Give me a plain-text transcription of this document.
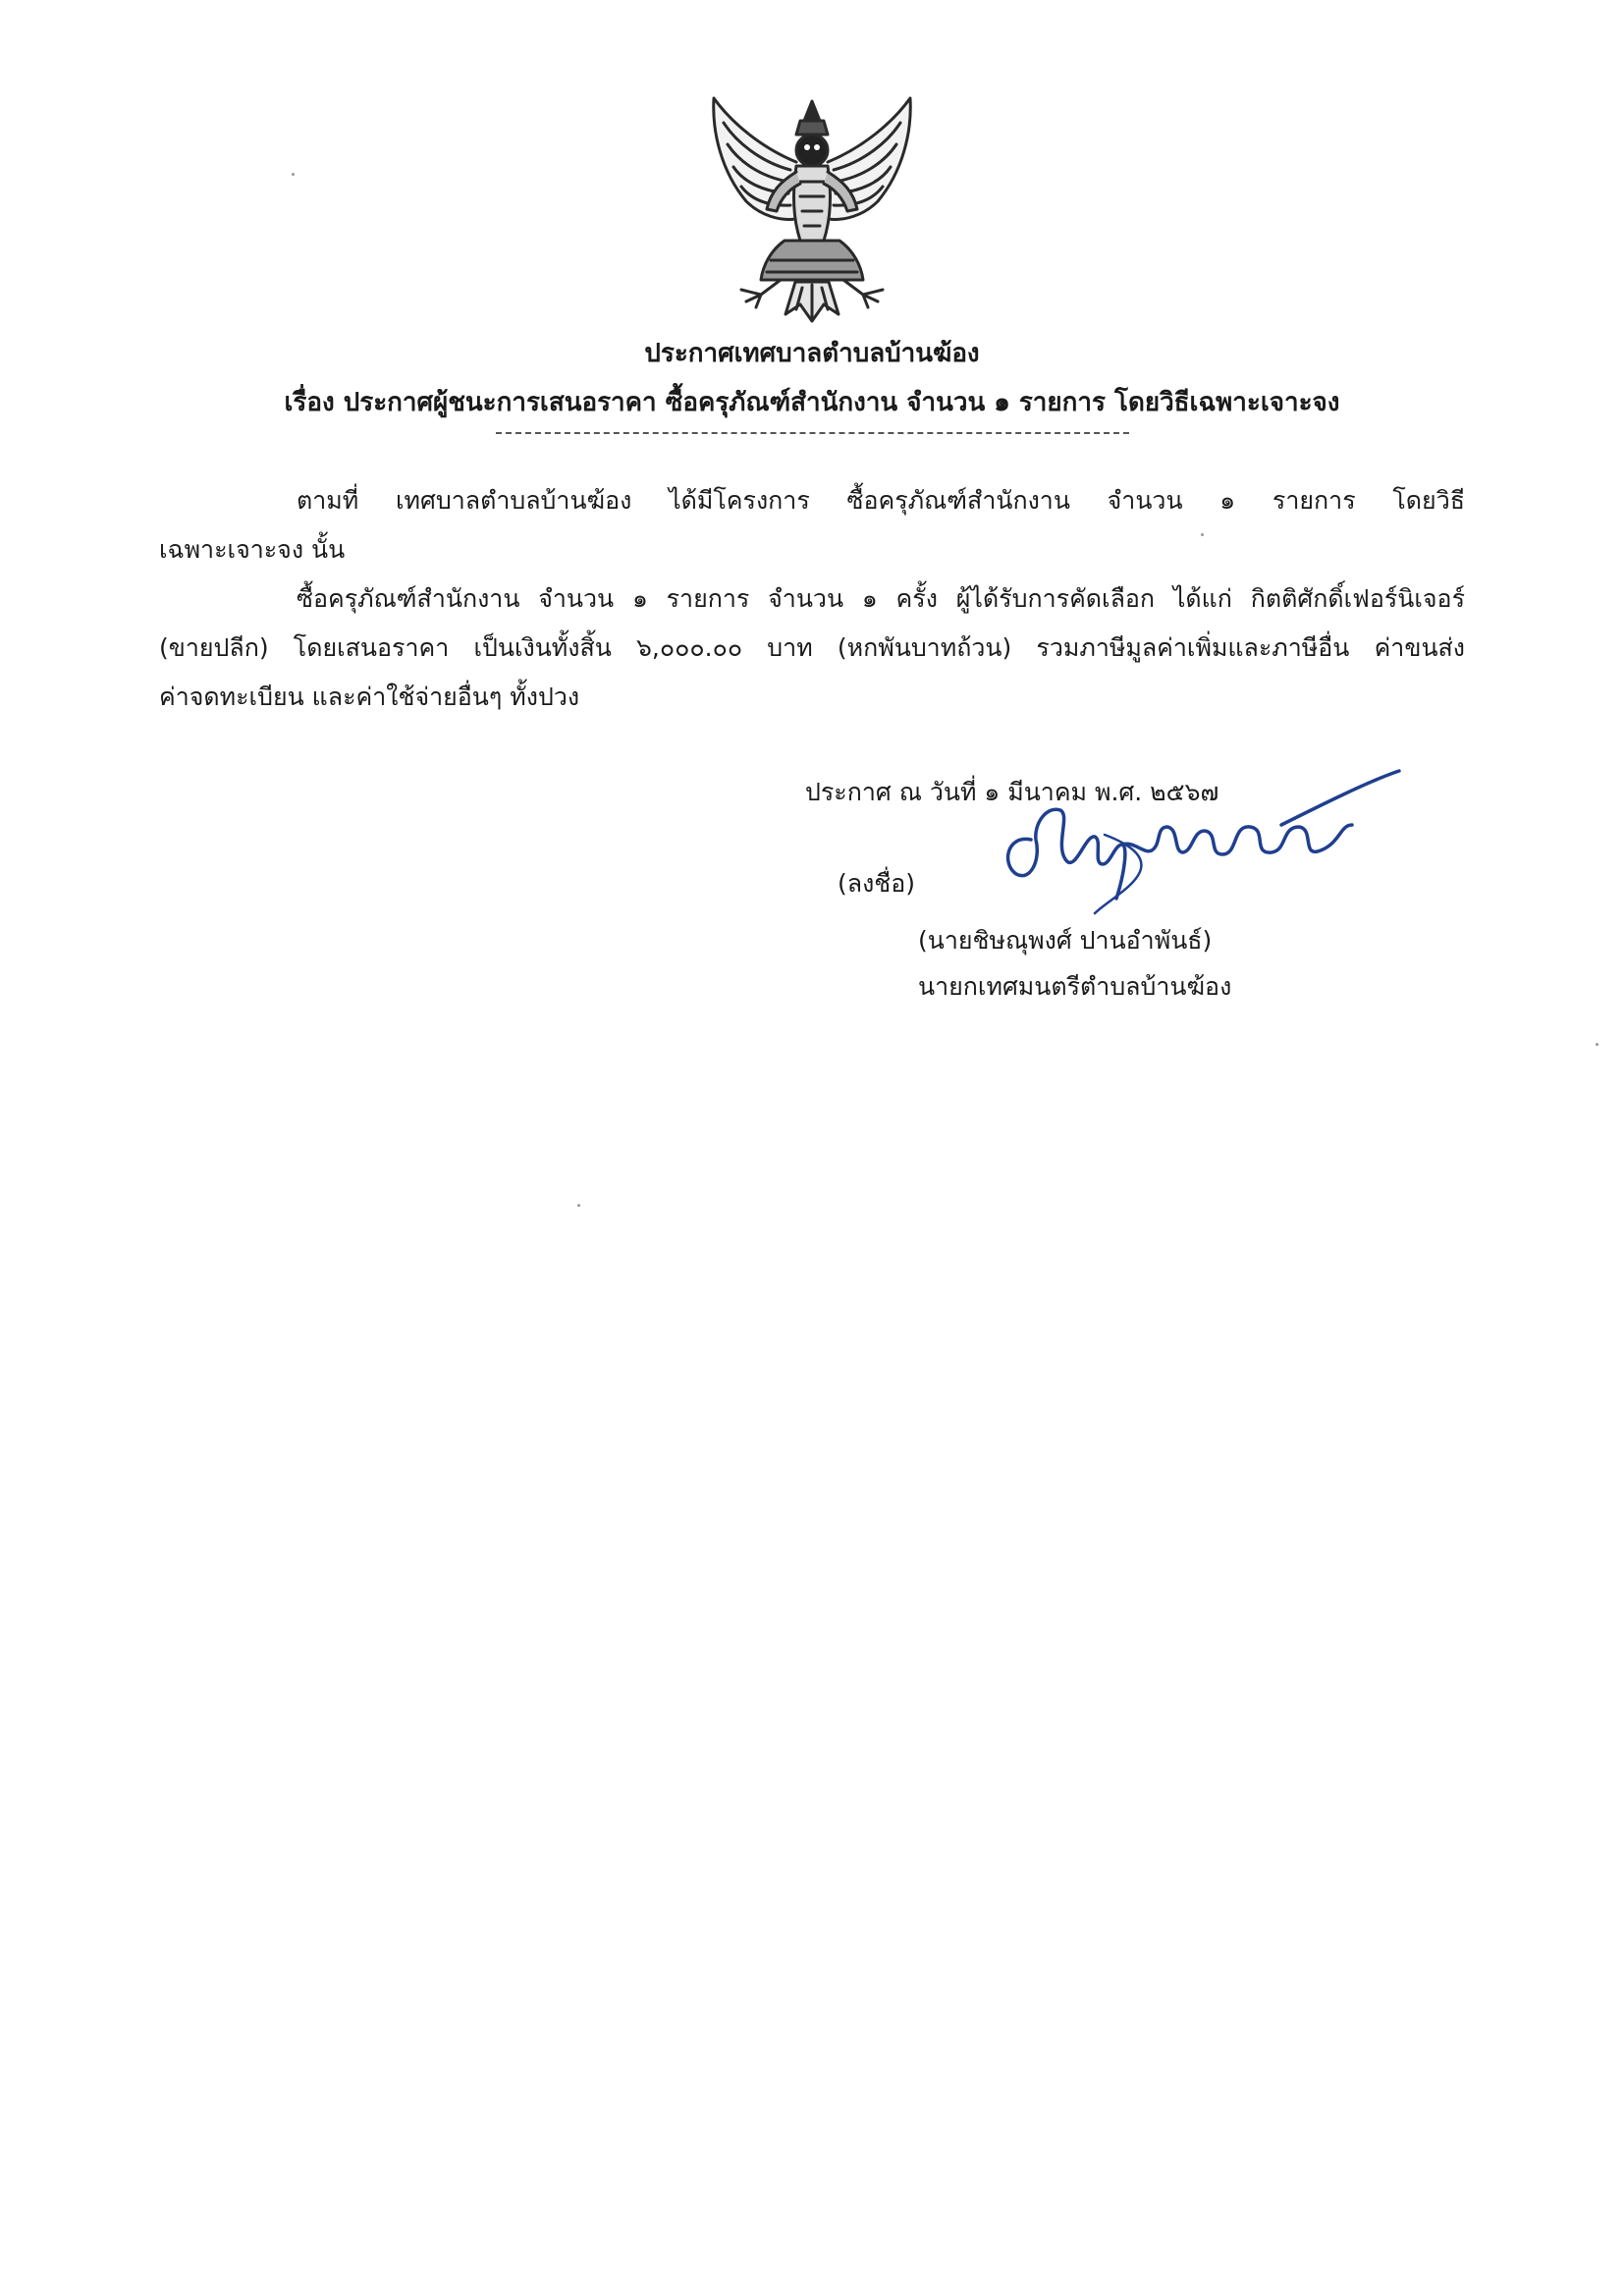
ประกาศเทศบาลตำบลบ้านฆ้อง
เรื่อง ประกาศผู้ชนะการเสนอราคา ซื้อครุภัณฑ์สำนักงาน จำนวน ๑ รายการ โดยวิธีเฉพาะเจาะจง
ตามที่ เทศบาลตำบลบ้านฆ้อง ได้มีโครงการ ซื้อครุภัณฑ์สำนักงาน จำนวน ๑ รายการ โดยวิธี
เฉพาะเจาะจง นั้น
ซื้อครุภัณฑ์สำนักงาน จำนวน ๑ รายการ จำนวน ๑ ครั้ง ผู้ได้รับการคัดเลือก ได้แก่ กิตติศักดิ์เฟอร์นิเจอร์
(ขายปลีก) โดยเสนอราคา เป็นเงินทั้งสิ้น ๖,๐๐๐.๐๐ บาท (หกพันบาทถ้วน) รวมภาษีมูลค่าเพิ่มและภาษีอื่น ค่าขนส่ง
ค่าจดทะเบียน และค่าใช้จ่ายอื่นๆ ทั้งปวง
ประกาศ ณ วันที่ ๑ มีนาคม พ.ศ. ๒๕๖๗
(ลงชื่อ)
(นายชิษณุพงศ์ ปานอำพันธ์)
นายกเทศมนตรีตำบลบ้านฆ้อง
